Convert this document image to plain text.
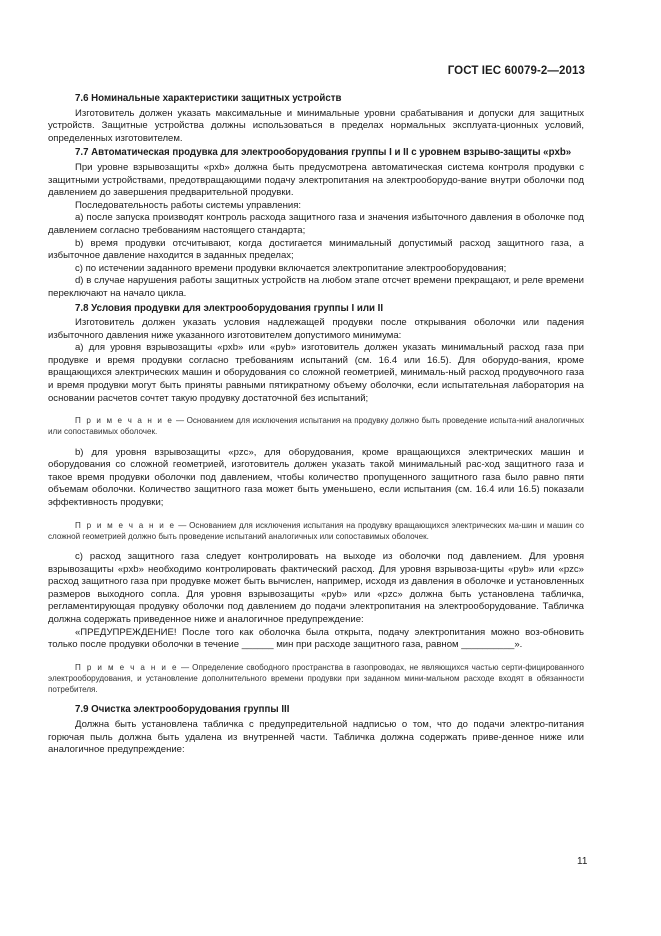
ГОСТ IEC 60079-2—2013

7.6 Номинальные характеристики защитных устройств

Изготовитель должен указать максимальные и минимальные уровни срабатывания и допуски для защитных устройств. Защитные устройства должны использоваться в пределах нормальных эксплуата-ционных условий, определенных изготовителем.

7.7 Автоматическая продувка для электрооборудования группы I и II с уровнем взрыво-защиты «pxb»

При уровне взрывозащиты «pxb» должна быть предусмотрена автоматическая система контроля продувки с защитными устройствами, предотвращающими подачу электропитания на электрооборудо-вание внутри оболочки под давлением до завершения предварительной продувки.

Последовательность работы системы управления:

а) после запуска производят контроль расхода защитного газа и значения избыточного давления в оболочке под давлением согласно требованиям настоящего стандарта;

b) время продувки отсчитывают, когда достигается минимальный допустимый расход защитного газа, а избыточное давление находится в заданных пределах;

c) по истечении заданного времени продувки включается электропитание электрооборудования;

d) в случае нарушения работы защитных устройств на любом этапе отсчет времени прекращают, и реле времени переключают на начало цикла.

7.8 Условия продувки для электрооборудования группы I или II

Изготовитель должен указать условия надлежащей продувки после открывания оболочки или падения избыточного давления ниже указанного изготовителем допустимого минимума:

а) для уровня взрывозащиты «pxb» или «pyb» изготовитель должен указать минимальный расход газа при продувке и время продувки согласно требованиям испытаний (см. 16.4 или 16.5). Для оборудо-вания, кроме вращающихся электрических машин и оборудования со сложной геометрией, минималь-ный расход продувочного газа и время продувки могут быть приняты равными пятикратному объему оболочки, если испытательная лаборатория на основании расчетов сочтет такую продувку достаточной без испытаний;

П р и м е ч а н и е — Основанием для исключения испытания на продувку должно быть проведение испыта-ний аналогичных или сопоставимых оболочек.

b) для уровня взрывозащиты «pzc», для оборудования, кроме вращающихся электрических машин и оборудования со сложной геометрией, изготовитель должен указать такой минимальный рас-ход защитного газа и такое время продувки оболочки под давлением, чтобы количество пропущенного защитного газа было равно пяти объемам оболочки. Количество защитного газа может быть уменьшено, если испытания (см. 16.4 или 16.5) показали эффективность продувки;

П р и м е ч а н и е — Основанием для исключения испытания на продувку вращающихся электрических ма-шин и машин со сложной геометрией должно быть проведение испытаний аналогичных или сопоставимых оболочек.

c) расход защитного газа следует контролировать на выходе из оболочки под давлением. Для уровня взрывозащиты «pxb» необходимо контролировать фактический расход. Для уровня взрывоза-щиты «pyb» или «pzc» расход защитного газа при продувке может быть вычислен, например, исходя из давления в оболочке и установленных размеров выходного сопла. Для уровня взрывозащиты «pyb» или «pzc» должна быть установлена табличка, регламентирующая продувку оболочки под давлением до подачи электропитания на электрооборудование. Табличка должна содержать приведенное ниже и аналогичное предупреждение:

«ПРЕДУПРЕЖДЕНИЕ! После того как оболочка была открыта, подачу электропитания можно воз-обновить только после продувки оболочки в течение ______ мин при расходе защитного газа, равном __________».

П р и м е ч а н и е — Определение свободного пространства в газопроводах, не являющихся частью серти-фицированного электрооборудования, и установление дополнительного времени продувки при заданном мини-мальном расходе входят в обязанности потребителя.

7.9 Очистка электрооборудования группы III

Должна быть установлена табличка с предупредительной надписью о том, что до подачи электро-питания горючая пыль должна быть удалена из внутренней части. Табличка должна содержать приве-денное ниже или аналогичное предупреждение:

11
